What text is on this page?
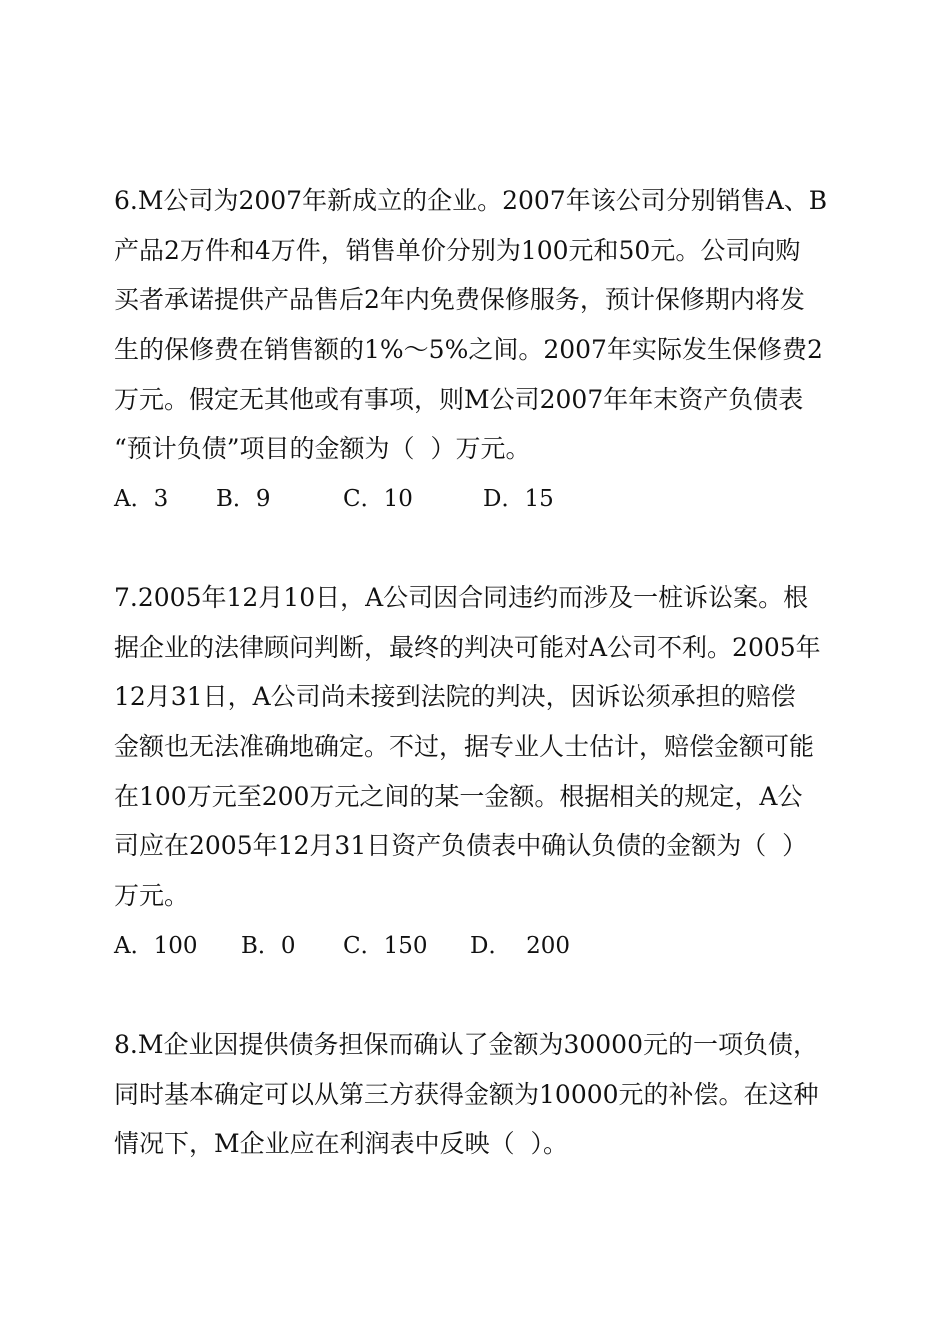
6.M公司为2007年新成立的企业。2007年该公司分别销售A、B
产品2万件和4万件，销售单价分别为100元和50元。公司向购
买者承诺提供产品售后2年内免费保修服务，预计保修期内将发
生的保修费在销售额的1%～5%之间。2007年实际发生保修费2
万元。假定无其他或有事项，则M公司2007年年末资产负债表
“预计负债”项目的金额为（  ）万元。
A．3 B．9	C．10	D．15
7.2005年12月10日，A公司因合同违约而涉及一桩诉讼案。根
据企业的法律顾问判断，最终的判决可能对A公司不利。2005年
12月31日，A公司尚未接到法院的判决，因诉讼须承担的赔偿
金额也无法准确地确定。不过，据专业人士估计，赔偿金额可能
在100万元至200万元之间的某一金额。根据相关的规定，A公
司应在2005年12月31日资产负债表中确认负债的金额为（  ）
万元。
A．100 B．0 C．150 D．  200
8.M企业因提供债务担保而确认了金额为30000元的一项负债，
同时基本确定可以从第三方获得金额为10000元的补偿。在这种
情况下，M企业应在利润表中反映（  ）。
